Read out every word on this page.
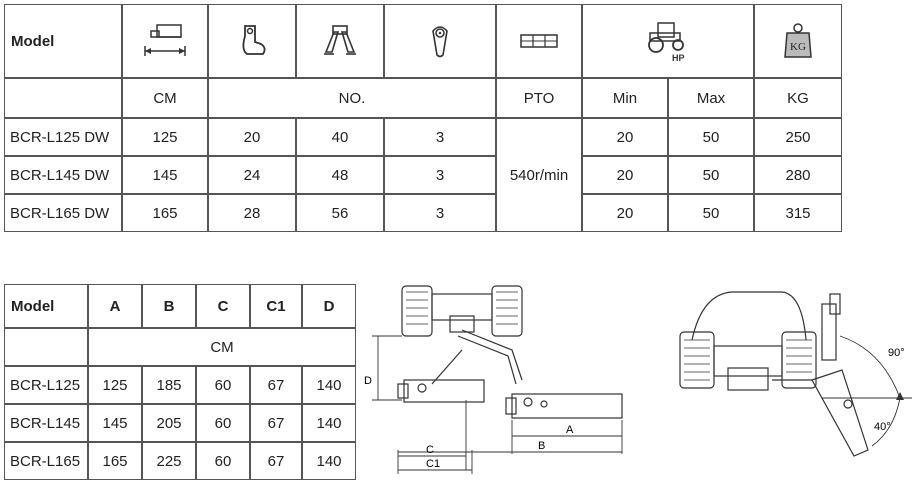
Model						HP		KG

	CM	NO.			PTO	Min	Max	KG
BCR-L125 DW	125	20	40	3	540r/min	20	50	250
BCR-L145 DW	145	24	48	3		20	50	280
BCR-L165 DW	165	28	56	3		20	50	315
Model	A	B	C	C1	D
	CM				
BCR-L125	125	185	60	67	140
BCR-L145	145	205	60	67	140
BCR-L165	165	225	60	67	140
D
A
B
C
C1
90°
40°
